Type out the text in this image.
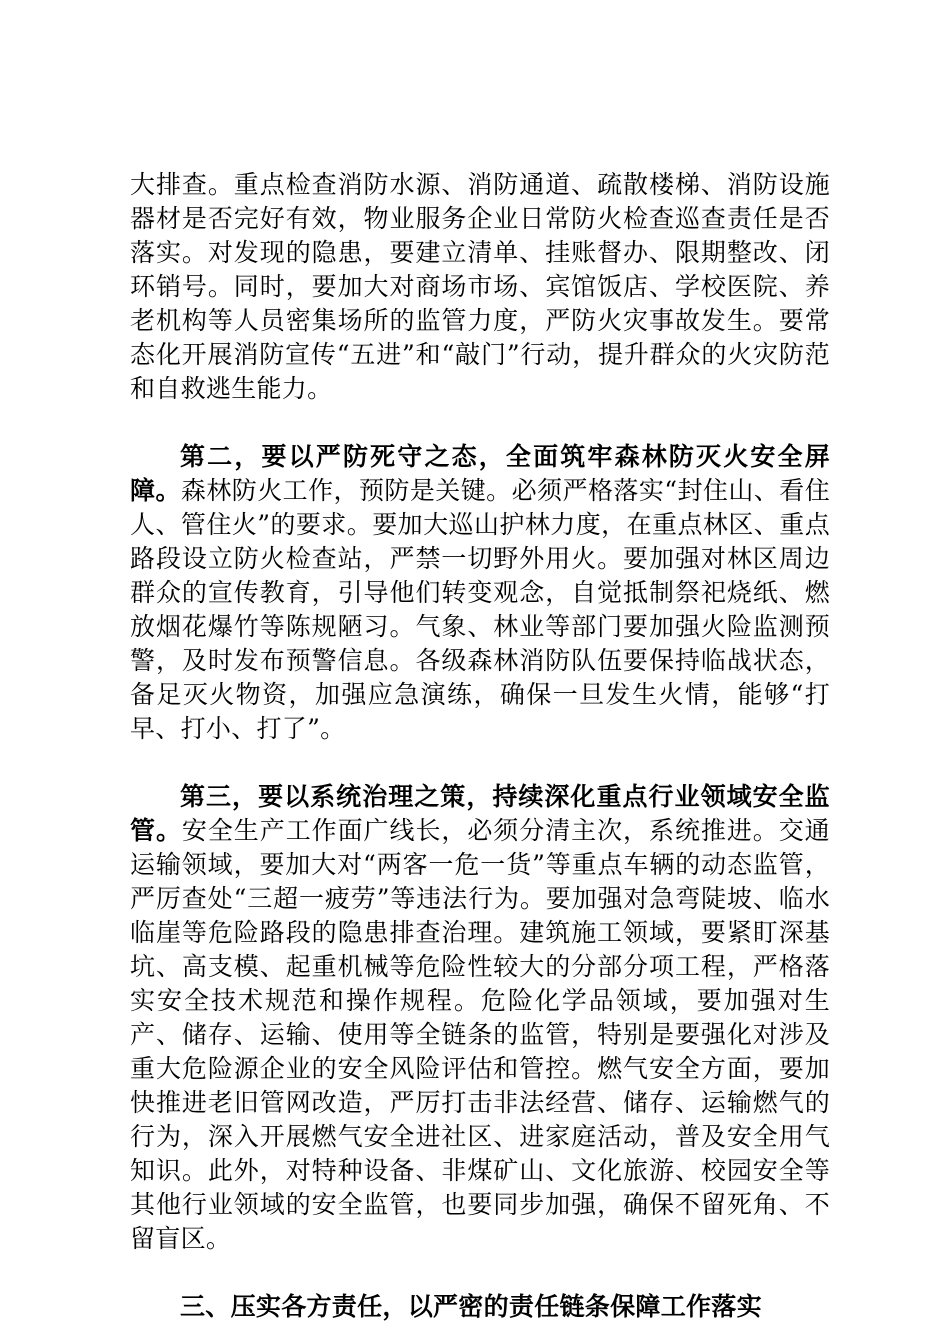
大排查。重点检查消防水源、消防通道、疏散楼梯、消防设施器材是否完好有效，物业服务企业日常防火检查巡查责任是否落实。对发现的隐患，要建立清单、挂账督办、限期整改、闭环销号。同时，要加大对商场市场、宾馆饭店、学校医院、养老机构等人员密集场所的监管力度，严防火灾事故发生。要常态化开展消防宣传“五进”和“敲门”行动，提升群众的火灾防范和自救逃生能力。

第二，要以严防死守之态，全面筑牢森林防灭火安全屏障。森林防火工作，预防是关键。必须严格落实“封住山、看住人、管住火”的要求。要加大巡山护林力度，在重点林区、重点路段设立防火检查站，严禁一切野外用火。要加强对林区周边群众的宣传教育，引导他们转变观念，自觉抵制祭祀烧纸、燃放烟花爆竹等陈规陋习。气象、林业等部门要加强火险监测预警，及时发布预警信息。各级森林消防队伍要保持临战状态，备足灭火物资，加强应急演练，确保一旦发生火情，能够“打早、打小、打了”。

第三，要以系统治理之策，持续深化重点行业领域安全监管。安全生产工作面广线长，必须分清主次，系统推进。交通运输领域，要加大对“两客一危一货”等重点车辆的动态监管，严厉查处“三超一疲劳”等违法行为。要加强对急弯陡坡、临水临崖等危险路段的隐患排查治理。建筑施工领域，要紧盯深基坑、高支模、起重机械等危险性较大的分部分项工程，严格落实安全技术规范和操作规程。危险化学品领域，要加强对生产、储存、运输、使用等全链条的监管，特别是要强化对涉及重大危险源企业的安全风险评估和管控。燃气安全方面，要加快推进老旧管网改造，严厉打击非法经营、储存、运输燃气的行为，深入开展燃气安全进社区、进家庭活动，普及安全用气知识。此外，对特种设备、非煤矿山、文化旅游、校园安全等其他行业领域的安全监管，也要同步加强，确保不留死角、不留盲区。

三、压实各方责任，以严密的责任链条保障工作落实
